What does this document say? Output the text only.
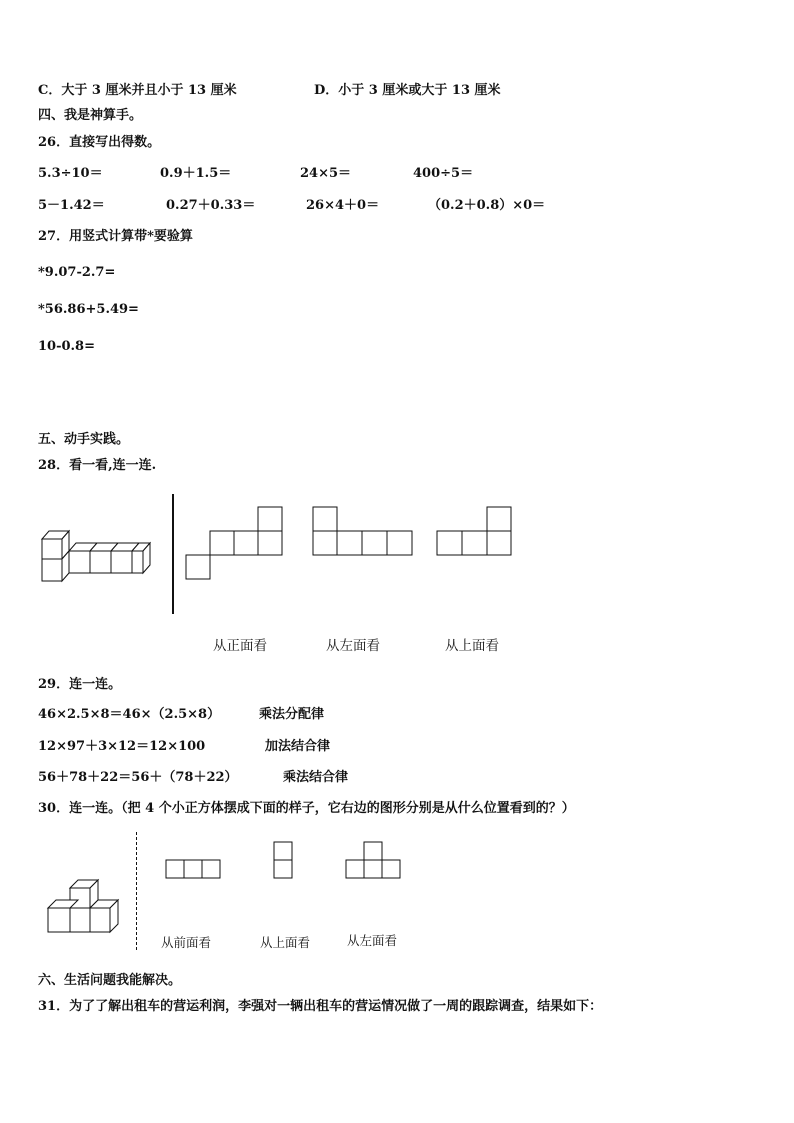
C．大于 3 厘米并且小于 13 厘米	D．小于 3 厘米或大于 13 厘米
四、我是神算手。
26．直接写出得数。
5.3÷10＝	0.9＋1.5＝	24×5＝	400÷5＝
5－1.42＝	0.27＋0.33＝	26×4＋0＝	（0.2＋0.8）×0＝
27．用竖式计算带*要验算
*9.07-2.7=
*56.86+5.49=
10-0.8=
五、动手实践。
28．看一看,连一连.
从正面看	从左面看	从上面看
29．连一连。
46×2.5×8＝46×（2.5×8）	乘法分配律
12×97＋3×12＝12×100	加法结合律
56＋78＋22＝56＋（78＋22）	乘法结合律
30．连一连。（把 4 个小正方体摆成下面的样子，它右边的图形分别是从什么位置看到的？）
从前面看	从上面看	从左面看
六、生活问题我能解决。
31．为了了解出租车的营运利润，李强对一辆出租车的营运情况做了一周的跟踪调查，结果如下：
